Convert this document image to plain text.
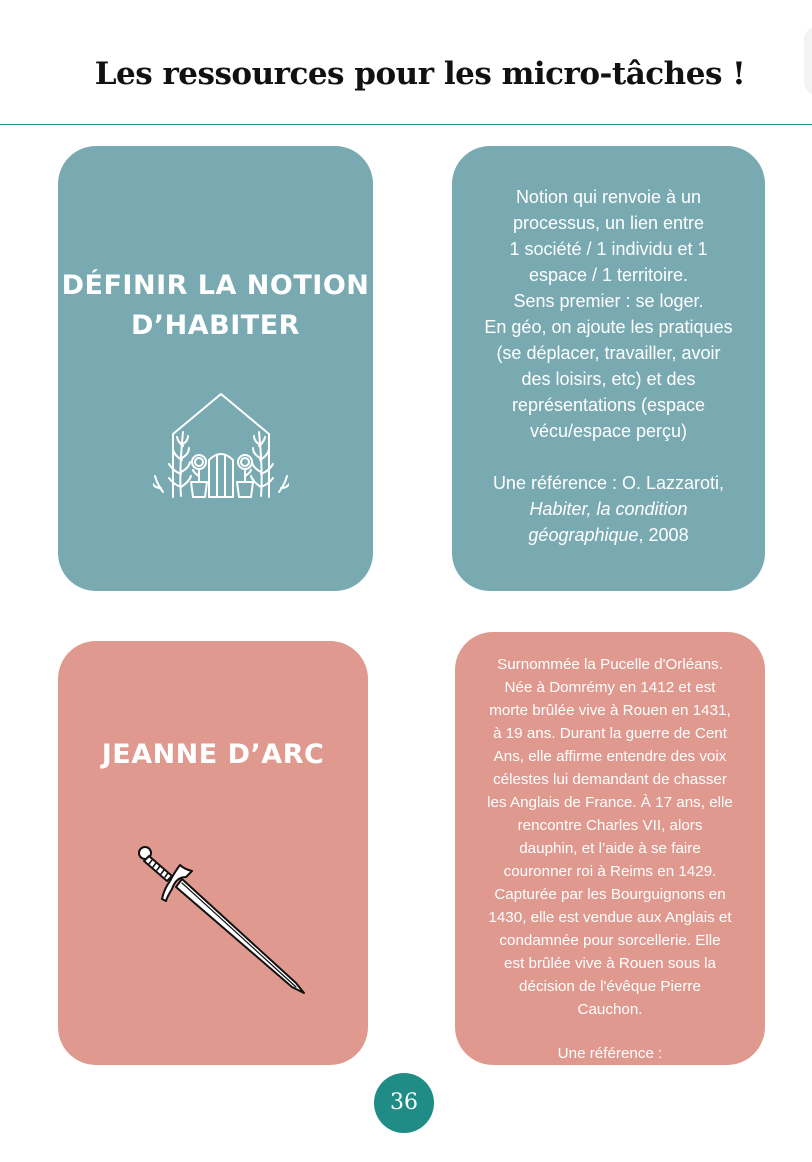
Les ressources pour les micro-tâches !
DÉFINIR LA NOTION
D’HABITER

Notion qui renvoie à un

processus, un lien entre

1 société / 1 individu et 1

espace / 1 territoire.

Sens premier : se loger.

En géo, on ajoute les pratiques

(se déplacer, travailler, avoir

des loisirs, etc) et des

représentations (espace

vécu/espace perçu)

Une référence : O. Lazzaroti,

Habiter, la condition

géographique, 2008

JEANNE D’ARC

Surnommée la Pucelle d'Orléans.

Née à Domrémy en 1412 et est

morte brûlée vive à Rouen en 1431,

à 19 ans. Durant la guerre de Cent

Ans, elle affirme entendre des voix

célestes lui demandant de chasser

les Anglais de France. À 17 ans, elle

rencontre Charles VII, alors

dauphin, et l’aide à se faire

couronner roi à Reims en 1429.

Capturée par les Bourguignons en

1430, elle est vendue aux Anglais et

condamnée pour sorcellerie. Elle

est brûlée vive à Rouen sous la

décision de l'évêque Pierre

Cauchon.

Une référence :

36
